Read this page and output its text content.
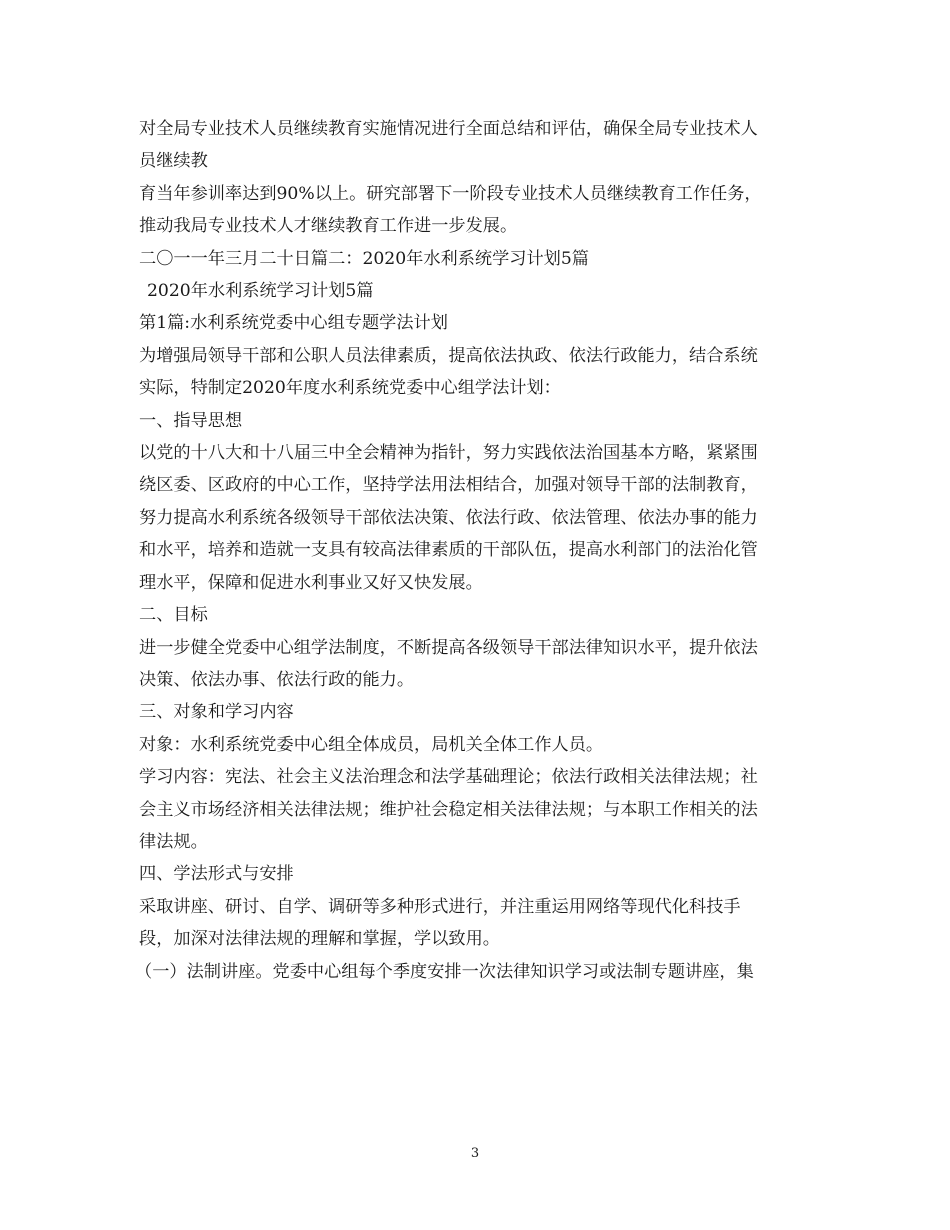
对全局专业技术人员继续教育实施情况进行全面总结和评估，确保全局专业技术人
员继续教
育当年参训率达到90%以上。研究部署下一阶段专业技术人员继续教育工作任务，
推动我局专业技术人才继续教育工作进一步发展。
二〇一一年三月二十日篇二：2020年水利系统学习计划5篇
2020年水利系统学习计划5篇
第1篇:水利系统党委中心组专题学法计划
为增强局领导干部和公职人员法律素质，提高依法执政、依法行政能力，结合系统
实际，特制定2020年度水利系统党委中心组学法计划：
一、指导思想
以党的十八大和十八届三中全会精神为指针，努力实践依法治国基本方略，紧紧围
绕区委、区政府的中心工作，坚持学法用法相结合，加强对领导干部的法制教育，
努力提高水利系统各级领导干部依法决策、依法行政、依法管理、依法办事的能力
和水平，培养和造就一支具有较高法律素质的干部队伍，提高水利部门的法治化管
理水平，保障和促进水利事业又好又快发展。
二、目标
进一步健全党委中心组学法制度，不断提高各级领导干部法律知识水平，提升依法
决策、依法办事、依法行政的能力。
三、对象和学习内容
对象：水利系统党委中心组全体成员，局机关全体工作人员。
学习内容：宪法、社会主义法治理念和法学基础理论；依法行政相关法律法规；社
会主义市场经济相关法律法规；维护社会稳定相关法律法规；与本职工作相关的法
律法规。
四、学法形式与安排
采取讲座、研讨、自学、调研等多种形式进行，并注重运用网络等现代化科技手
段，加深对法律法规的理解和掌握，学以致用。
（一）法制讲座。党委中心组每个季度安排一次法律知识学习或法制专题讲座，集
3
